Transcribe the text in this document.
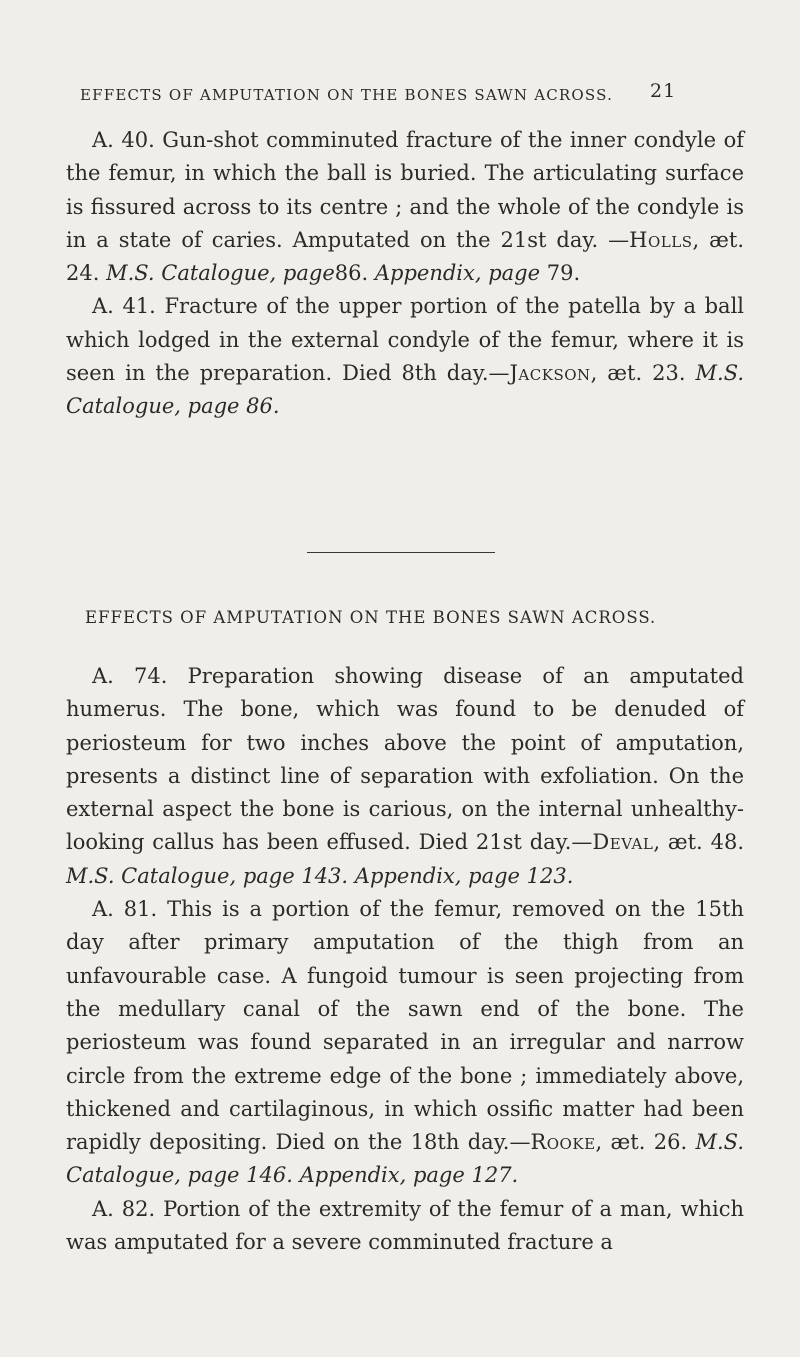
EFFECTS OF AMPUTATION ON THE BONES SAWN ACROSS.	21

A. 40. Gun-shot comminuted fracture of the inner condyle of the femur, in which the ball is buried. The articulating surface is fissured across to its centre ; and the whole of the condyle is in a state of caries. Amputated on the 21st day. —Holls, æt. 24. M.S. Catalogue, page86. Appendix, page 79.

A. 41. Fracture of the upper portion of the patella by a ball which lodged in the external condyle of the femur, where it is seen in the preparation. Died 8th day.—Jackson, æt. 23. M.S. Catalogue, page 86.

EFFECTS OF AMPUTATION ON THE BONES SAWN ACROSS.

A. 74. Preparation showing disease of an amputated humerus. The bone, which was found to be denuded of periosteum for two inches above the point of amputation, presents a distinct line of separation with exfoliation. On the external aspect the bone is carious, on the internal unhealthy-looking callus has been effused. Died 21st day.—Deval, æt. 48. M.S. Catalogue, page 143. Appendix, page 123.

A. 81. This is a portion of the femur, removed on the 15th day after primary amputation of the thigh from an unfavourable case. A fungoid tumour is seen projecting from the medullary canal of the sawn end of the bone. The periosteum was found separated in an irregular and narrow circle from the extreme edge of the bone ; immediately above, thickened and cartilaginous, in which ossific matter had been rapidly depositing. Died on the 18th day.—Rooke, æt. 26. M.S. Catalogue, page 146. Appendix, page 127.

A. 82. Portion of the extremity of the femur of a man, which was amputated for a severe comminuted fracture a
